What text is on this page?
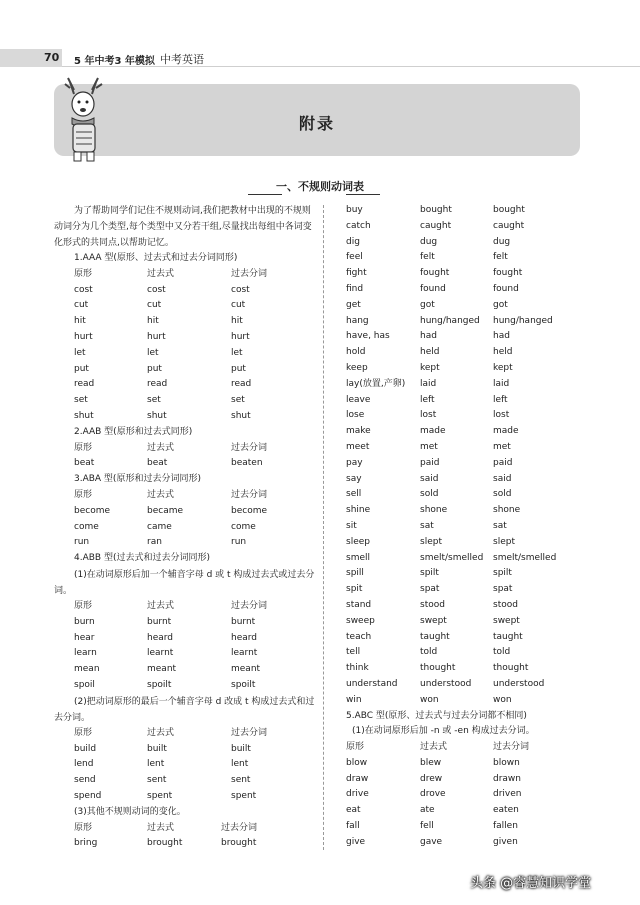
70 5 年中考3 年模拟 中考英语
附录
一、不规则动词表
为了帮助同学们记住不规则动词,我们把教材中出现的不规则动词分为几个类型,每个类型中又分若干组,尽量找出每组中各词变化形式的共同点,以帮助记忆。
1.AAA 型(原形、过去式和过去分词同形)
原形	过去式	过去分词
cost	cost	cost
cut	cut	cut
hit	hit	hit
hurt	hurt	hurt
let	let	let
put	put	put
read	read	read
set	set	set
shut	shut	shut
2.AAB 型(原形和过去式同形)
原形	过去式	过去分词
beat	beat	beaten
3.ABA 型(原形和过去分词同形)
原形	过去式	过去分词
become	became	become
come	came	come
run	ran	run
4.ABB 型(过去式和过去分词同形)
(1)在动词原形后加一个辅音字母 d 或 t 构成过去式或过去分词。
原形	过去式	过去分词
burn	burnt	burnt
hear	heard	heard
learn	learnt	learnt
mean	meant	meant
spoil	spoilt	spoilt
(2)把动词原形的最后一个辅音字母 d 改成 t 构成过去式和过去分词。
原形	过去式	过去分词
build	built	built
lend	lent	lent
send	sent	sent
spend	spent	spent
(3)其他不规则动词的变化。
原形	过去式	过去分词
bring	brought	brought
buy	bought	bought
catch	caught	caught
dig	dug	dug
feel	felt	felt
fight	fought	fought
find	found	found
get	got	got
hang	hung/hanged hung/hanged
have, has	had	had
hold	held	held
keep	kept	kept
lay(放置,产卵) laid	laid
leave	left	left
lose	lost	lost
make	made	made
meet	met	met
pay	paid	paid
say	said	said
sell	sold	sold
shine	shone	shone
sit	sat	sat
sleep	slept	slept
smell	smelt/smelled smelt/smelled
spill	spilt	spilt
spit	spat	spat
stand	stood	stood
sweep	swept	swept
teach	taught	taught
tell	told	told
think	thought	thought
understand understood understood
win	won	won
5.ABC 型(原形、过去式与过去分词都不相同)
(1)在动词原形后加 -n 或 -en 构成过去分词。
原形	过去式	过去分词
blow	blew	blown
draw	drew	drawn
drive	drove	driven
eat	ate	eaten
fall	fell	fallen
give	gave	given
头条 @睿慧知识学堂
